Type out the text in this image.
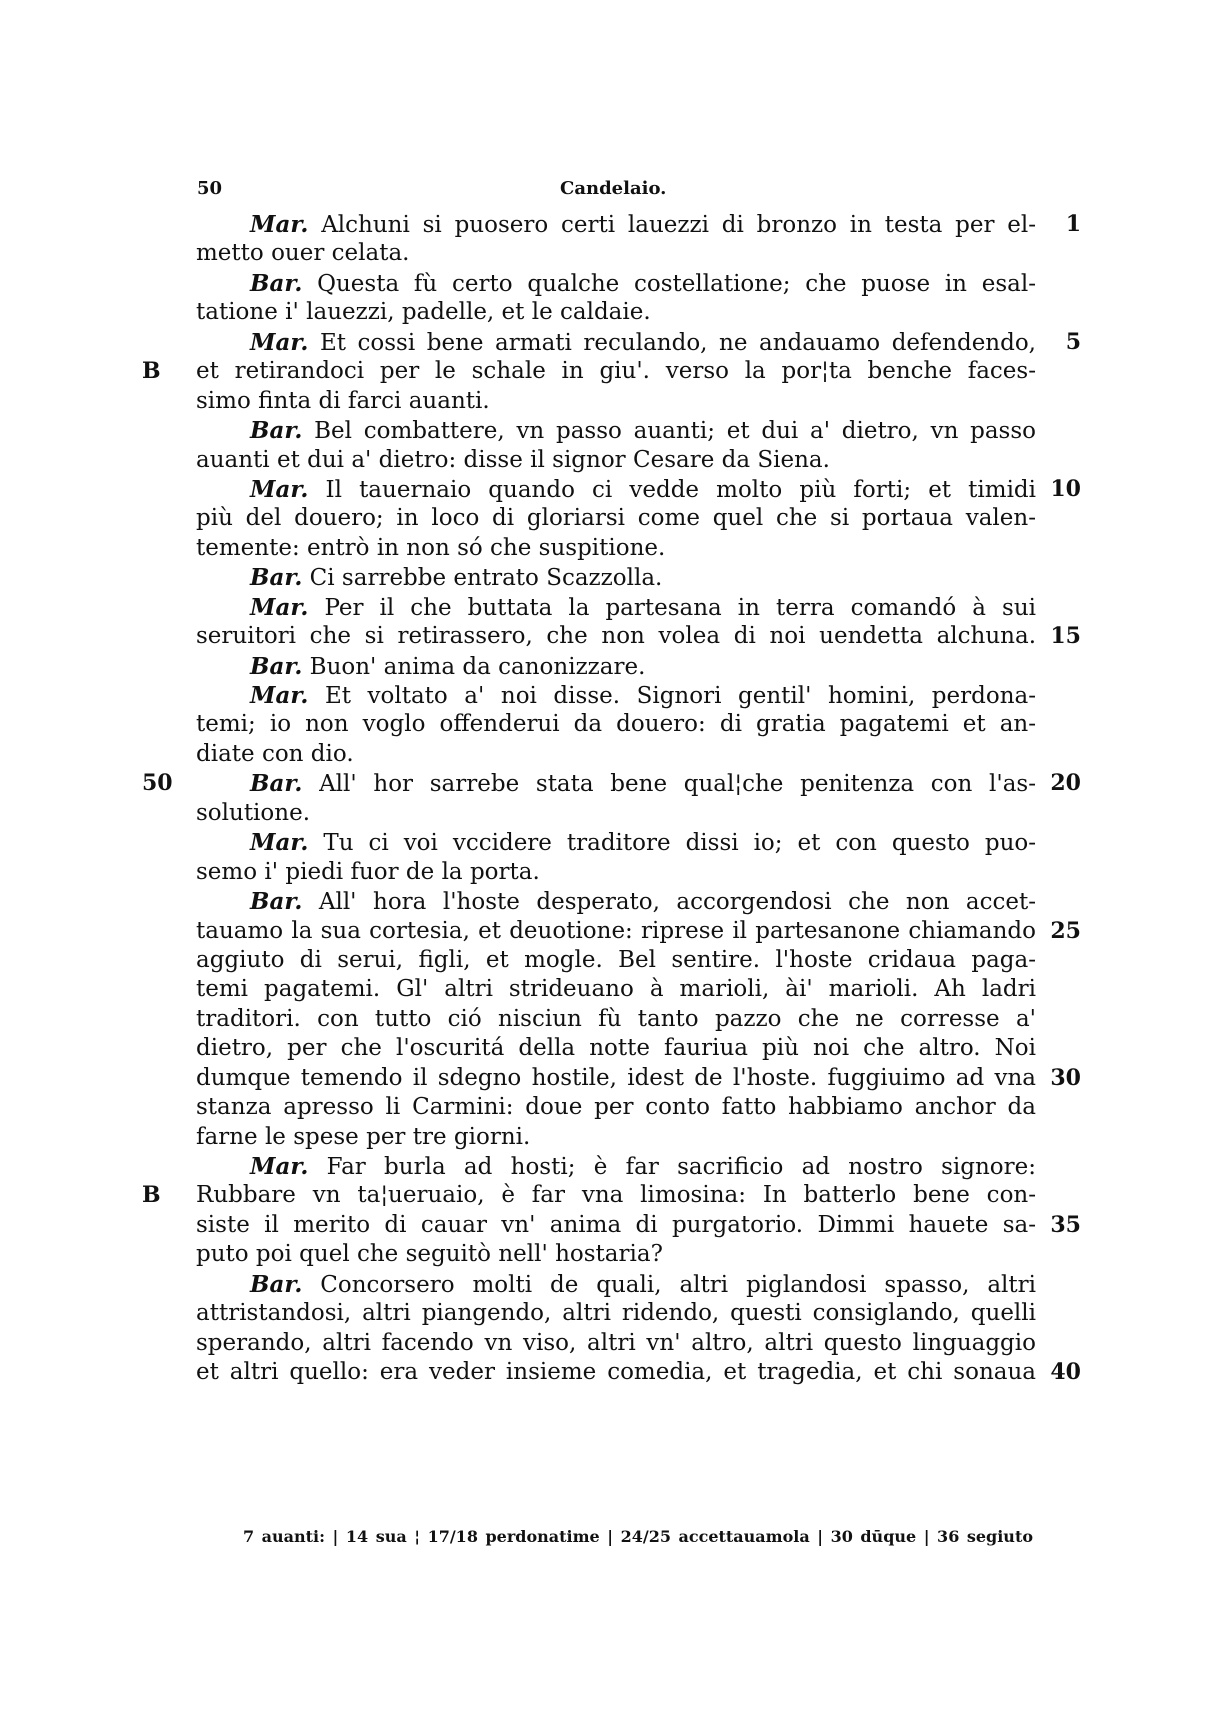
50	Candelaio.
Mar. Alchuni si puosero certi lauezzi di bronzo in testa per el- 1
metto ouer celata.
Bar. Questa fù certo qualche costellatione; che puose in esal-
tatione i' lauezzi, padelle, et le caldaie.
Mar. Et cossi bene armati reculando, ne andauamo defendendo, 5
B et retirandoci per le schale in giu'. verso la por¦ta benche faces-
simo finta di farci auanti.
Bar. Bel combattere, vn passo auanti; et dui a' dietro, vn passo
auanti et dui a' dietro: disse il signor Cesare da Siena.
Mar. Il tauernaio quando ci vedde molto più forti; et timidi 10
più del douero; in loco di gloriarsi come quel che si portaua valen-
temente: entrò in non só che suspitione.
Bar. Ci sarrebbe entrato Scazzolla.
Mar. Per il che buttata la partesana in terra comandó à sui
seruitori che si retirassero, che non volea di noi uendetta alchuna. 15
Bar. Buon' anima da canonizzare.
Mar. Et voltato a' noi disse. Signori gentil' homini, perdona-
temi; io non voglo offenderui da douero: di gratia pagatemi et an-
diate con dio.
50	Bar. All' hor sarrebe stata bene qual¦che penitenza con l'as- 20
solutione.
Mar. Tu ci voi vccidere traditore dissi io; et con questo puo-
semo i' piedi fuor de la porta.
Bar. All' hora l'hoste desperato, accorgendosi che non accet-
tauamo la sua cortesia, et deuotione: riprese il partesanone chiamando 25
aggiuto di serui, figli, et mogle. Bel sentire. l'hoste cridaua paga-
temi pagatemi. Gl' altri strideuano à marioli, ài' marioli. Ah ladri
traditori. con tutto ció nisciun fù tanto pazzo che ne corresse a'
dietro, per che l'oscuritá della notte fauriua più noi che altro. Noi
dumque temendo il sdegno hostile, idest de l'hoste. fuggiuimo ad vna 30
stanza apresso li Carmini: doue per conto fatto habbiamo anchor da
farne le spese per tre giorni.
Mar. Far burla ad hosti; è far sacrificio ad nostro signore:
B Rubbare vn ta¦ueruaio, è far vna limosina: In batterlo bene con-
siste il merito di cauar vn' anima di purgatorio. Dimmi hauete sa- 35
puto poi quel che seguitò nell' hostaria?
Bar. Concorsero molti de quali, altri piglandosi spasso, altri
attristandosi, altri piangendo, altri ridendo, questi consiglando, quelli
sperando, altri facendo vn viso, altri vn' altro, altri questo linguaggio
et altri quello: era veder insieme comedia, et tragedia, et chi sonaua 40
7 auanti: | 14 sua ¦ 17/18 perdonatime | 24/25 accettauamola | 30 dūque | 36 segiuto
